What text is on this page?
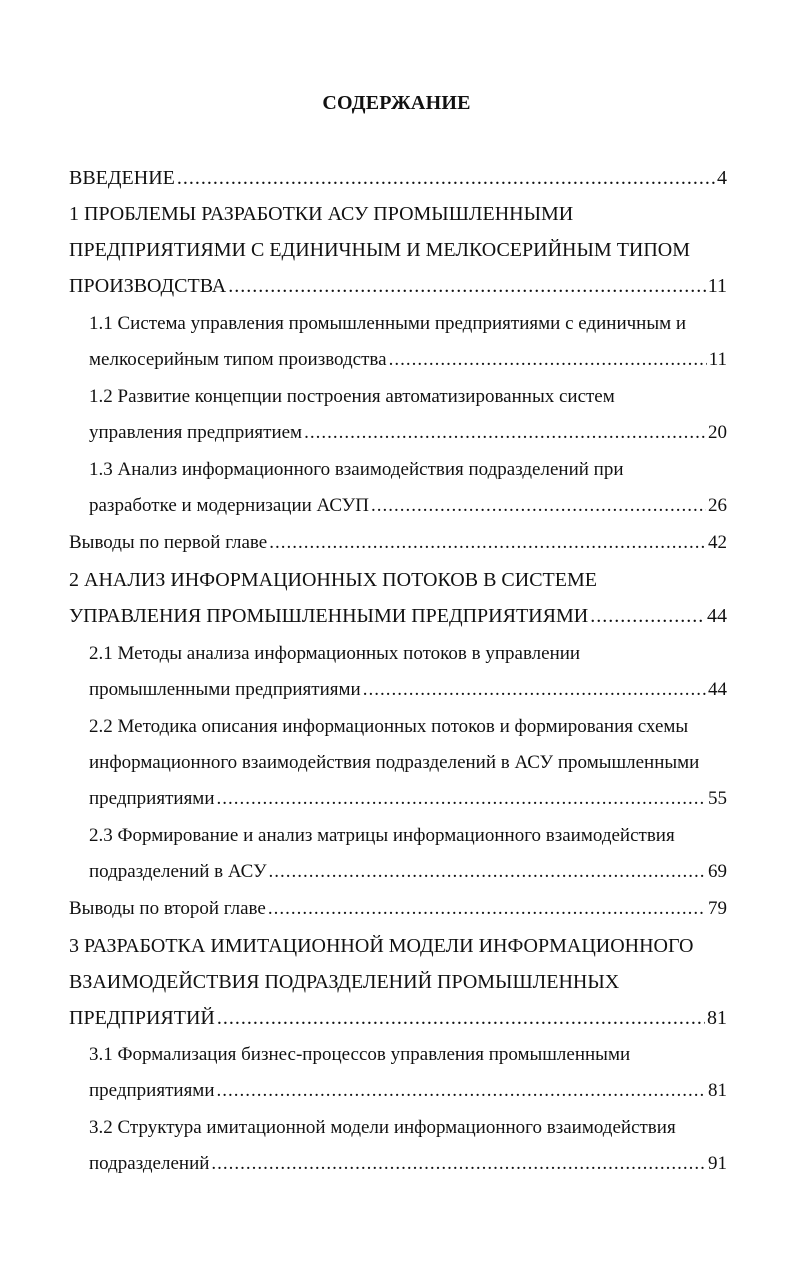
СОДЕРЖАНИЕ
ВВЕДЕНИЕ .....	4
1 ПРОБЛЕМЫ РАЗРАБОТКИ АСУ ПРОМЫШЛЕННЫМИ
ПРЕДПРИЯТИЯМИ С ЕДИНИЧНЫМ И МЕЛКОСЕРИЙНЫМ ТИПОМ
ПРОИЗВОДСТВА .....	11
1.1 Система управления промышленными предприятиями с единичным и
мелкосерийным типом производства .....	11
1.2 Развитие концепции построения автоматизированных систем
управления предприятием .....	20
1.3 Анализ информационного взаимодействия подразделений при
разработке и модернизации АСУП .....	26
Выводы по первой главе .....	42
2 АНАЛИЗ ИНФОРМАЦИОННЫХ ПОТОКОВ В СИСТЕМЕ
УПРАВЛЕНИЯ ПРОМЫШЛЕННЫМИ ПРЕДПРИЯТИЯМИ .....	44
2.1 Методы анализа информационных потоков в управлении
промышленными предприятиями .....	44
2.2 Методика описания информационных потоков и формирования схемы
информационного взаимодействия подразделений в АСУ промышленными
предприятиями .....	55
2.3 Формирование и анализ матрицы информационного взаимодействия
подразделений в АСУ .....	69
Выводы по второй главе .....	79
3 РАЗРАБОТКА ИМИТАЦИОННОЙ МОДЕЛИ ИНФОРМАЦИОННОГО
ВЗАИМОДЕЙСТВИЯ ПОДРАЗДЕЛЕНИЙ ПРОМЫШЛЕННЫХ
ПРЕДПРИЯТИЙ .....	81
3.1 Формализация бизнес-процессов управления промышленными
предприятиями .....	81
3.2 Структура имитационной модели информационного взаимодействия
подразделений .....	91
